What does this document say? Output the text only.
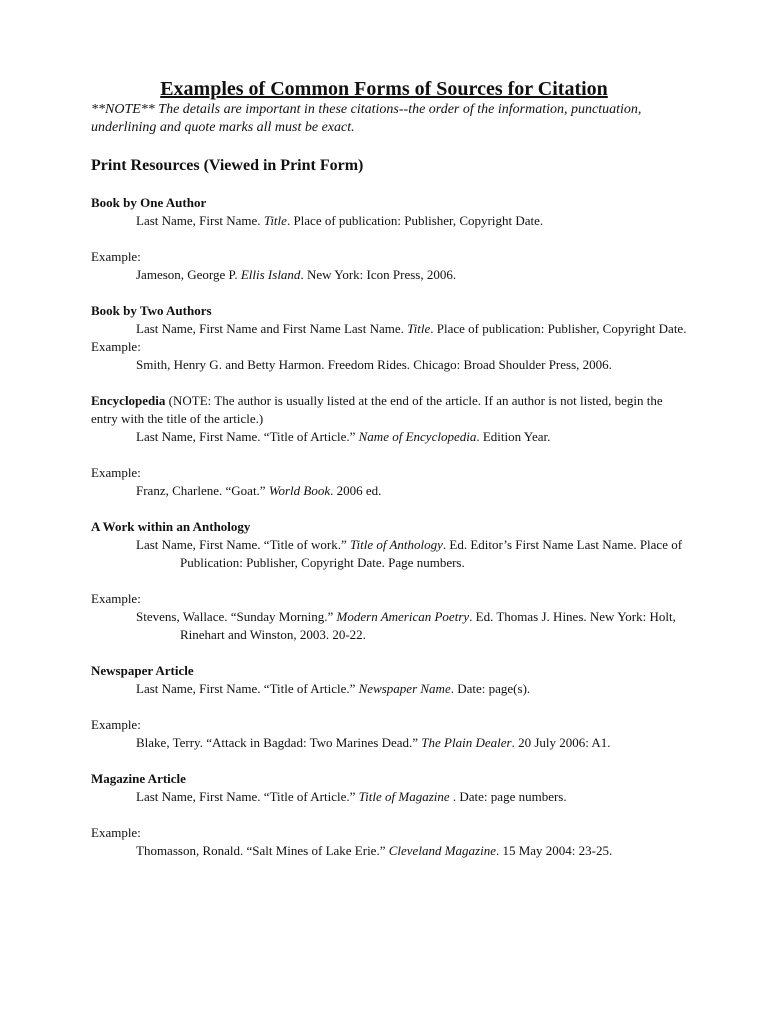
Examples of Common Forms of Sources for Citation

**NOTE** The details are important in these citations--the order of the information, punctuation, underlining and quote marks all must be exact.

Print Resources (Viewed in Print Form)

Book by One Author

Last Name, First Name. Title. Place of publication: Publisher, Copyright Date.

Example:

Jameson, George P. Ellis Island. New York: Icon Press, 2006.

Book by Two Authors

Last Name, First Name and First Name Last Name. Title. Place of publication: Publisher, Copyright Date.

Example:

Smith, Henry G. and Betty Harmon. Freedom Rides. Chicago: Broad Shoulder Press, 2006.

Encyclopedia (NOTE: The author is usually listed at the end of the article. If an author is not listed, begin the entry with the title of the article.)

Last Name, First Name. “Title of Article.” Name of Encyclopedia. Edition Year.

Example:

Franz, Charlene. “Goat.” World Book. 2006 ed.

A Work within an Anthology

Last Name, First Name. “Title of work.” Title of Anthology. Ed. Editor’s First Name Last Name. Place of Publication: Publisher, Copyright Date. Page numbers.

Example:

Stevens, Wallace. “Sunday Morning.” Modern American Poetry. Ed. Thomas J. Hines. New York: Holt, Rinehart and Winston, 2003. 20-22.

Newspaper Article

Last Name, First Name. “Title of Article.” Newspaper Name. Date: page(s).

Example:

Blake, Terry. “Attack in Bagdad: Two Marines Dead.” The Plain Dealer. 20 July 2006: A1.

Magazine Article

Last Name, First Name. “Title of Article.” Title of Magazine . Date: page numbers.

Example:

Thomasson, Ronald. “Salt Mines of Lake Erie.” Cleveland Magazine. 15 May 2004: 23-25.
